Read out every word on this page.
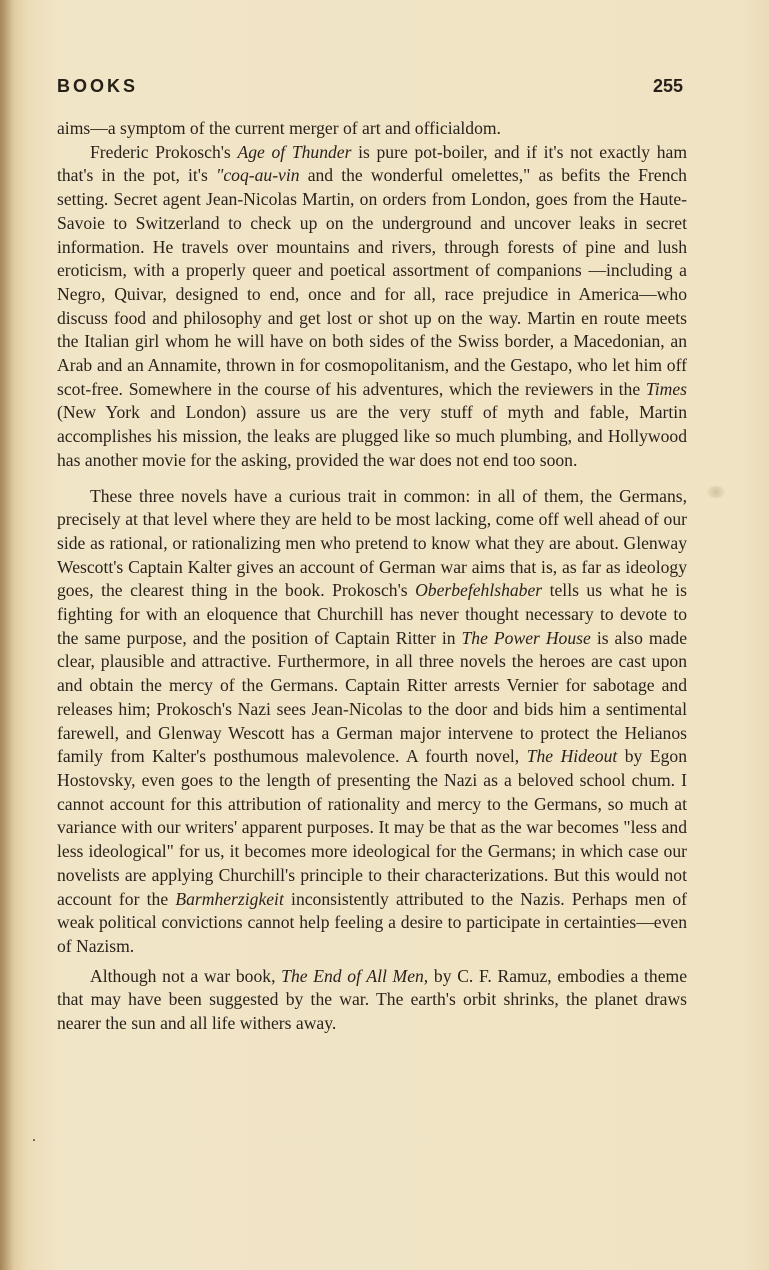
BOOKS	255

aims—a symptom of the current merger of art and officialdom.

Frederic Prokosch's Age of Thunder is pure pot-boiler, and if it's not exactly ham that's in the pot, it's "coq-au-vin and the wonderful omelettes," as befits the French setting. Secret agent Jean-Nicolas Martin, on orders from London, goes from the Haute-Savoie to Switzerland to check up on the underground and uncover leaks in secret information. He travels over mountains and rivers, through forests of pine and lush eroticism, with a properly queer and poetical assortment of companions —including a Negro, Quivar, designed to end, once and for all, race prejudice in America—who discuss food and philosophy and get lost or shot up on the way. Martin en route meets the Italian girl whom he will have on both sides of the Swiss border, a Macedonian, an Arab and an Annamite, thrown in for cosmopolitanism, and the Gestapo, who let him off scot-free. Somewhere in the course of his adventures, which the reviewers in the Times (New York and London) assure us are the very stuff of myth and fable, Martin accomplishes his mission, the leaks are plugged like so much plumbing, and Hollywood has another movie for the asking, provided the war does not end too soon.

These three novels have a curious trait in common: in all of them, the Germans, precisely at that level where they are held to be most lacking, come off well ahead of our side as rational, or rationalizing men who pretend to know what they are about. Glenway Wescott's Captain Kalter gives an account of German war aims that is, as far as ideology goes, the clearest thing in the book. Prokosch's Oberbefehlshaber tells us what he is fighting for with an eloquence that Churchill has never thought necessary to devote to the same purpose, and the position of Captain Ritter in The Power House is also made clear, plausible and attractive. Furthermore, in all three novels the heroes are cast upon and obtain the mercy of the Germans. Captain Ritter arrests Vernier for sabotage and releases him; Prokosch's Nazi sees Jean-Nicolas to the door and bids him a sentimental farewell, and Glenway Wescott has a German major intervene to protect the Helianos family from Kalter's posthumous malevolence. A fourth novel, The Hideout by Egon Hostovsky, even goes to the length of presenting the Nazi as a beloved school chum. I cannot account for this attribution of rationality and mercy to the Germans, so much at variance with our writers' apparent purposes. It may be that as the war becomes "less and less ideological" for us, it becomes more ideological for the Germans; in which case our novelists are applying Churchill's principle to their characterizations. But this would not account for the Barmherzigkeit inconsistently attributed to the Nazis. Perhaps men of weak political convictions cannot help feeling a desire to participate in certainties—even of Nazism.

Although not a war book, The End of All Men, by C. F. Ramuz, embodies a theme that may have been suggested by the war. The earth's orbit shrinks, the planet draws nearer the sun and all life withers away.

.
